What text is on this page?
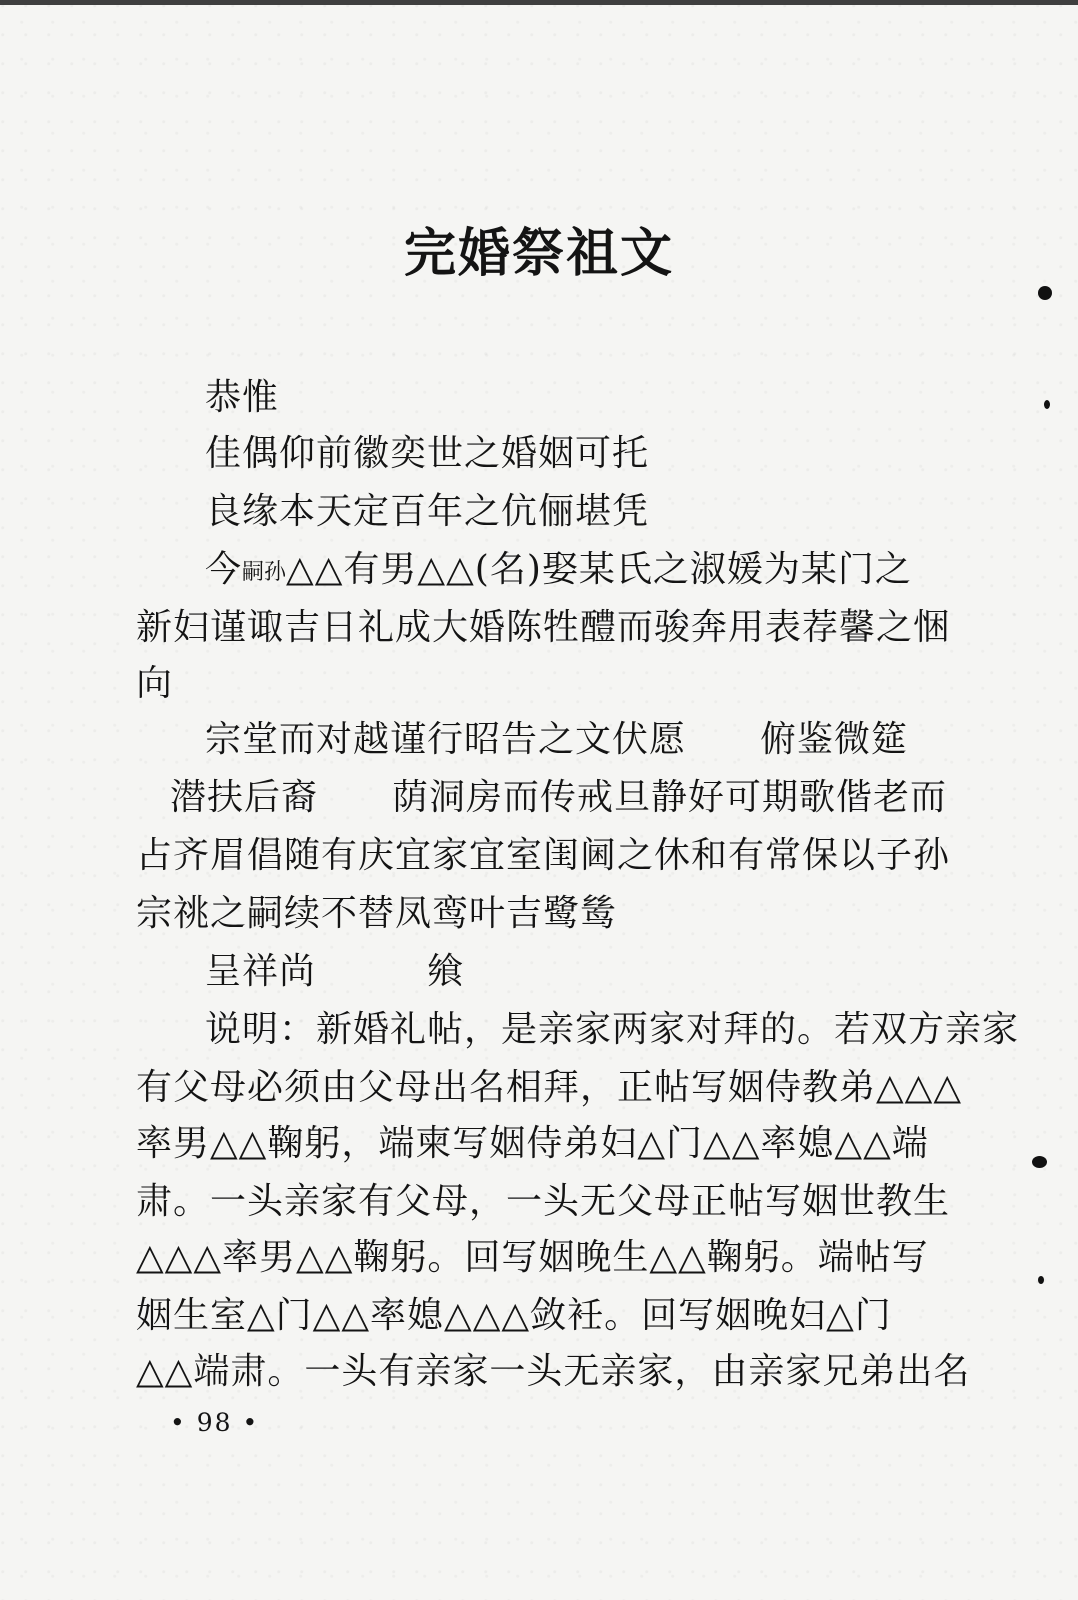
完婚祭祖文
恭惟
佳偶仰前徽奕世之婚姻可托
良缘本天定百年之伉俪堪凭
今嗣孙△△有男△△(名)娶某氏之淑媛为某门之
新妇谨诹吉日礼成大婚陈牲醴而骏奔用表荐馨之悃
向
宗堂而对越谨行昭告之文伏愿　　俯鉴微筵
潜扶后裔　　荫洞房而传戒旦静好可期歌偕老而
占齐眉倡随有庆宜家宜室闺阃之休和有常保以子孙
宗祧之嗣续不替凤鸾叶吉鹭鸶
呈祥尚　　　飨
说明：新婚礼帖，是亲家两家对拜的。若双方亲家
有父母必须由父母出名相拜，正帖写姻侍教弟△△△
率男△△鞠躬，端柬写姻侍弟妇△门△△率媳△△端
肃。一头亲家有父母，一头无父母正帖写姻世教生
△△△率男△△鞠躬。回写姻晚生△△鞠躬。端帖写
姻生室△门△△率媳△△△敛衽。回写姻晚妇△门
△△端肃。一头有亲家一头无亲家，由亲家兄弟出名
• 98 •
